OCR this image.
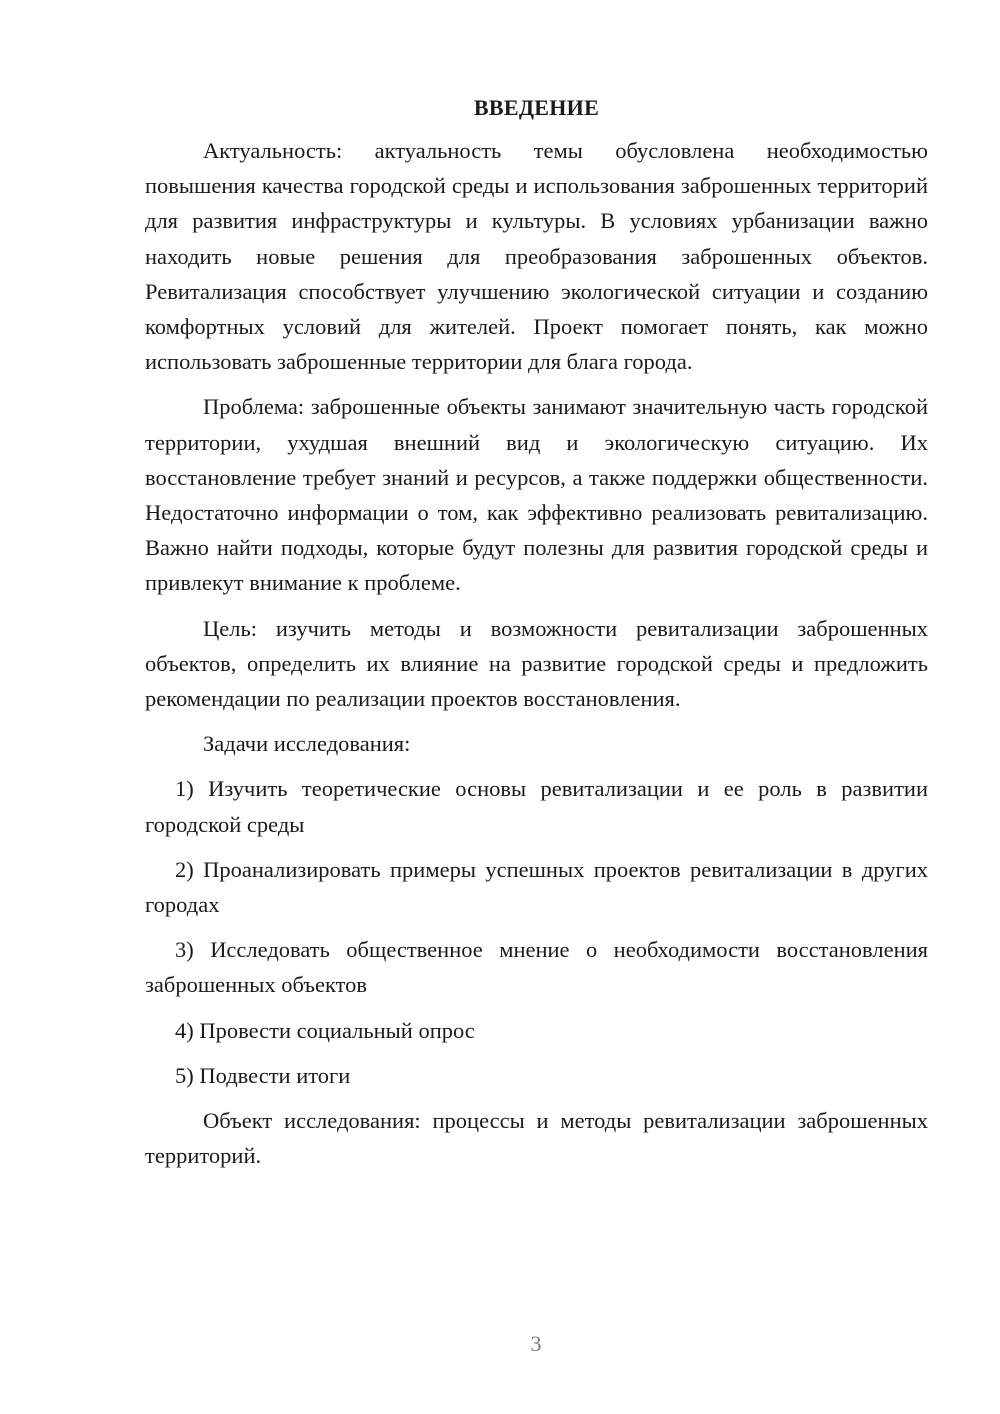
ВВЕДЕНИЕ

Актуальность: актуальность темы обусловлена необходимостью повышения качества городской среды и использования заброшенных территорий для развития инфраструктуры и культуры. В условиях урбанизации важно находить новые решения для преобразования заброшенных объектов. Ревитализация способствует улучшению экологической ситуации и созданию комфортных условий для жителей. Проект помогает понять, как можно использовать заброшенные территории для блага города.

Проблема: заброшенные объекты занимают значительную часть городской территории, ухудшая внешний вид и экологическую ситуацию. Их восстановление требует знаний и ресурсов, а также поддержки общественности. Недостаточно информации о том, как эффективно реализовать ревитализацию. Важно найти подходы, которые будут полезны для развития городской среды и привлекут внимание к проблеме.

Цель: изучить методы и возможности ревитализации заброшенных объектов, определить их влияние на развитие городской среды и предложить рекомендации по реализации проектов восстановления.

Задачи исследования:

1) Изучить теоретические основы ревитализации и ее роль в развитии городской среды

2) Проанализировать примеры успешных проектов ревитализации в других городах

3) Исследовать общественное мнение о необходимости восстановления заброшенных объектов

4) Провести социальный опрос

5) Подвести итоги

Объект исследования: процессы и методы ревитализации заброшенных территорий.

3
